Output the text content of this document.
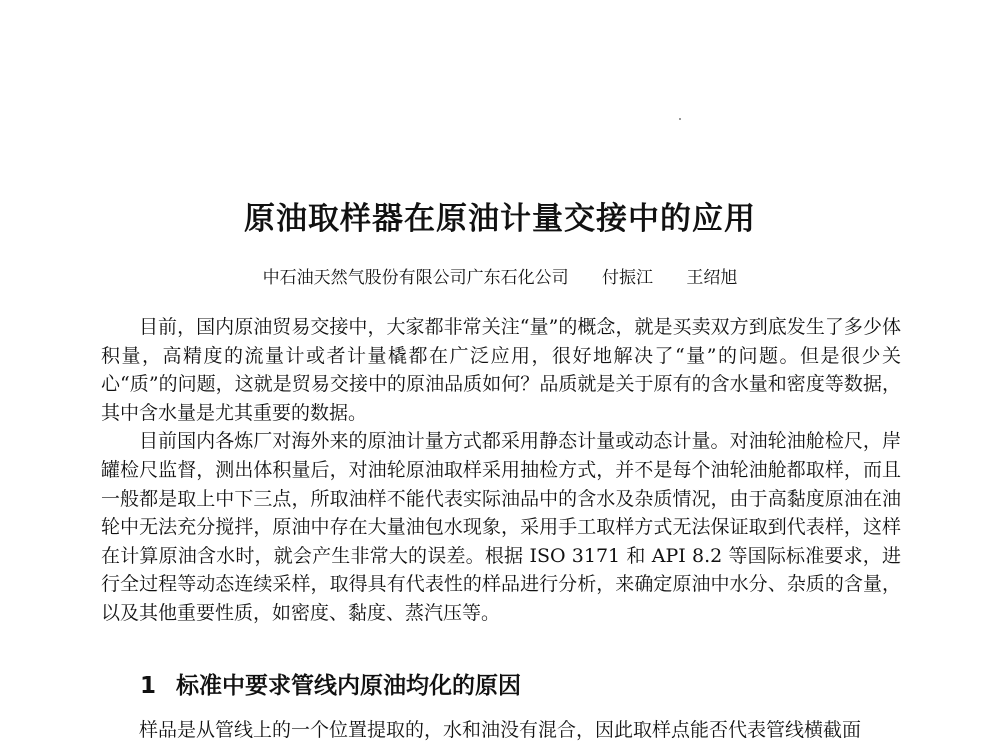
原油取样器在原油计量交接中的应用
中石油天然气股份有限公司广东石化公司 付振江 王绍旭

目前，国内原油贸易交接中，大家都非常关注“量”的概念，就是买卖双方到底发生了多少体积量，高精度的流量计或者计量橇都在广泛应用，很好地解决了“量”的问题。但是很少关心“质”的问题，这就是贸易交接中的原油品质如何？品质就是关于原有的含水量和密度等数据，其中含水量是尤其重要的数据。

目前国内各炼厂对海外来的原油计量方式都采用静态计量或动态计量。对油轮油舱检尺，岸罐检尺监督，测出体积量后，对油轮原油取样采用抽检方式，并不是每个油轮油舱都取样，而且一般都是取上中下三点，所取油样不能代表实际油品中的含水及杂质情况，由于高黏度原油在油轮中无法充分搅拌，原油中存在大量油包水现象，采用手工取样方式无法保证取到代表样，这样在计算原油含水时，就会产生非常大的误差。根据 ISO 3171 和 API 8.2 等国际标准要求，进行全过程等动态连续采样，取得具有代表性的样品进行分析，来确定原油中水分、杂质的含量，以及其他重要性质，如密度、黏度、蒸汽压等。

1 标准中要求管线内原油均化的原因
样品是从管线上的一个位置提取的，水和油没有混合，因此取样点能否代表管线横截面
